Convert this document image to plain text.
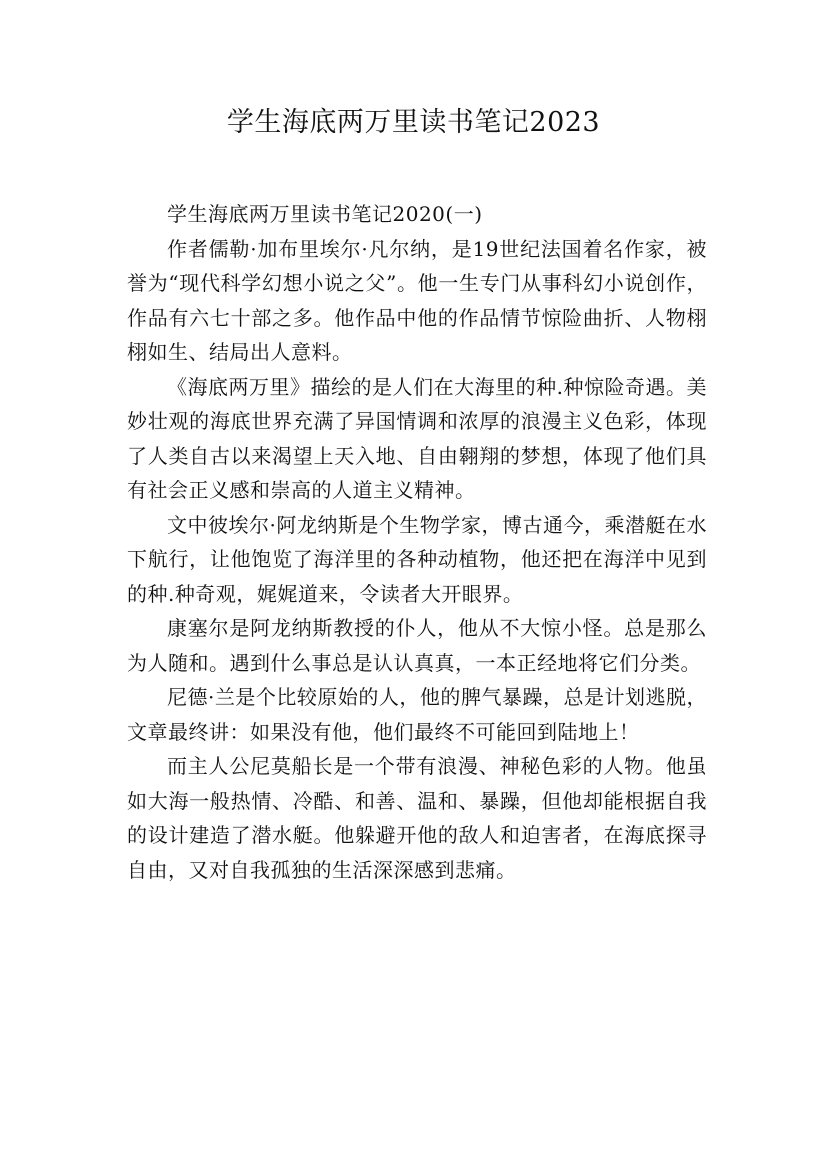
学生海底两万里读书笔记2023

学生海底两万里读书笔记2020(一)

作者儒勒·加布里埃尔·凡尔纳，是19世纪法国着名作家，被誉为“现代科学幻想小说之父”。他一生专门从事科幻小说创作，作品有六七十部之多。他作品中他的作品情节惊险曲折、人物栩栩如生、结局出人意料。

《海底两万里》描绘的是人们在大海里的种.种惊险奇遇。美妙壮观的海底世界充满了异国情调和浓厚的浪漫主义色彩，体现了人类自古以来渴望上天入地、自由翱翔的梦想，体现了他们具有社会正义感和崇高的人道主义精神。

文中彼埃尔·阿龙纳斯是个生物学家，博古通今，乘潜艇在水下航行，让他饱览了海洋里的各种动植物，他还把在海洋中见到的种.种奇观，娓娓道来，令读者大开眼界。

康塞尔是阿龙纳斯教授的仆人，他从不大惊小怪。总是那么为人随和。遇到什么事总是认认真真，一本正经地将它们分类。

尼德·兰是个比较原始的人，他的脾气暴躁，总是计划逃脱，文章最终讲：如果没有他，他们最终不可能回到陆地上！

而主人公尼莫船长是一个带有浪漫、神秘色彩的人物。他虽如大海一般热情、冷酷、和善、温和、暴躁，但他却能根据自我的设计建造了潜水艇。他躲避开他的敌人和迫害者，在海底探寻自由，又对自我孤独的生活深深感到悲痛。
